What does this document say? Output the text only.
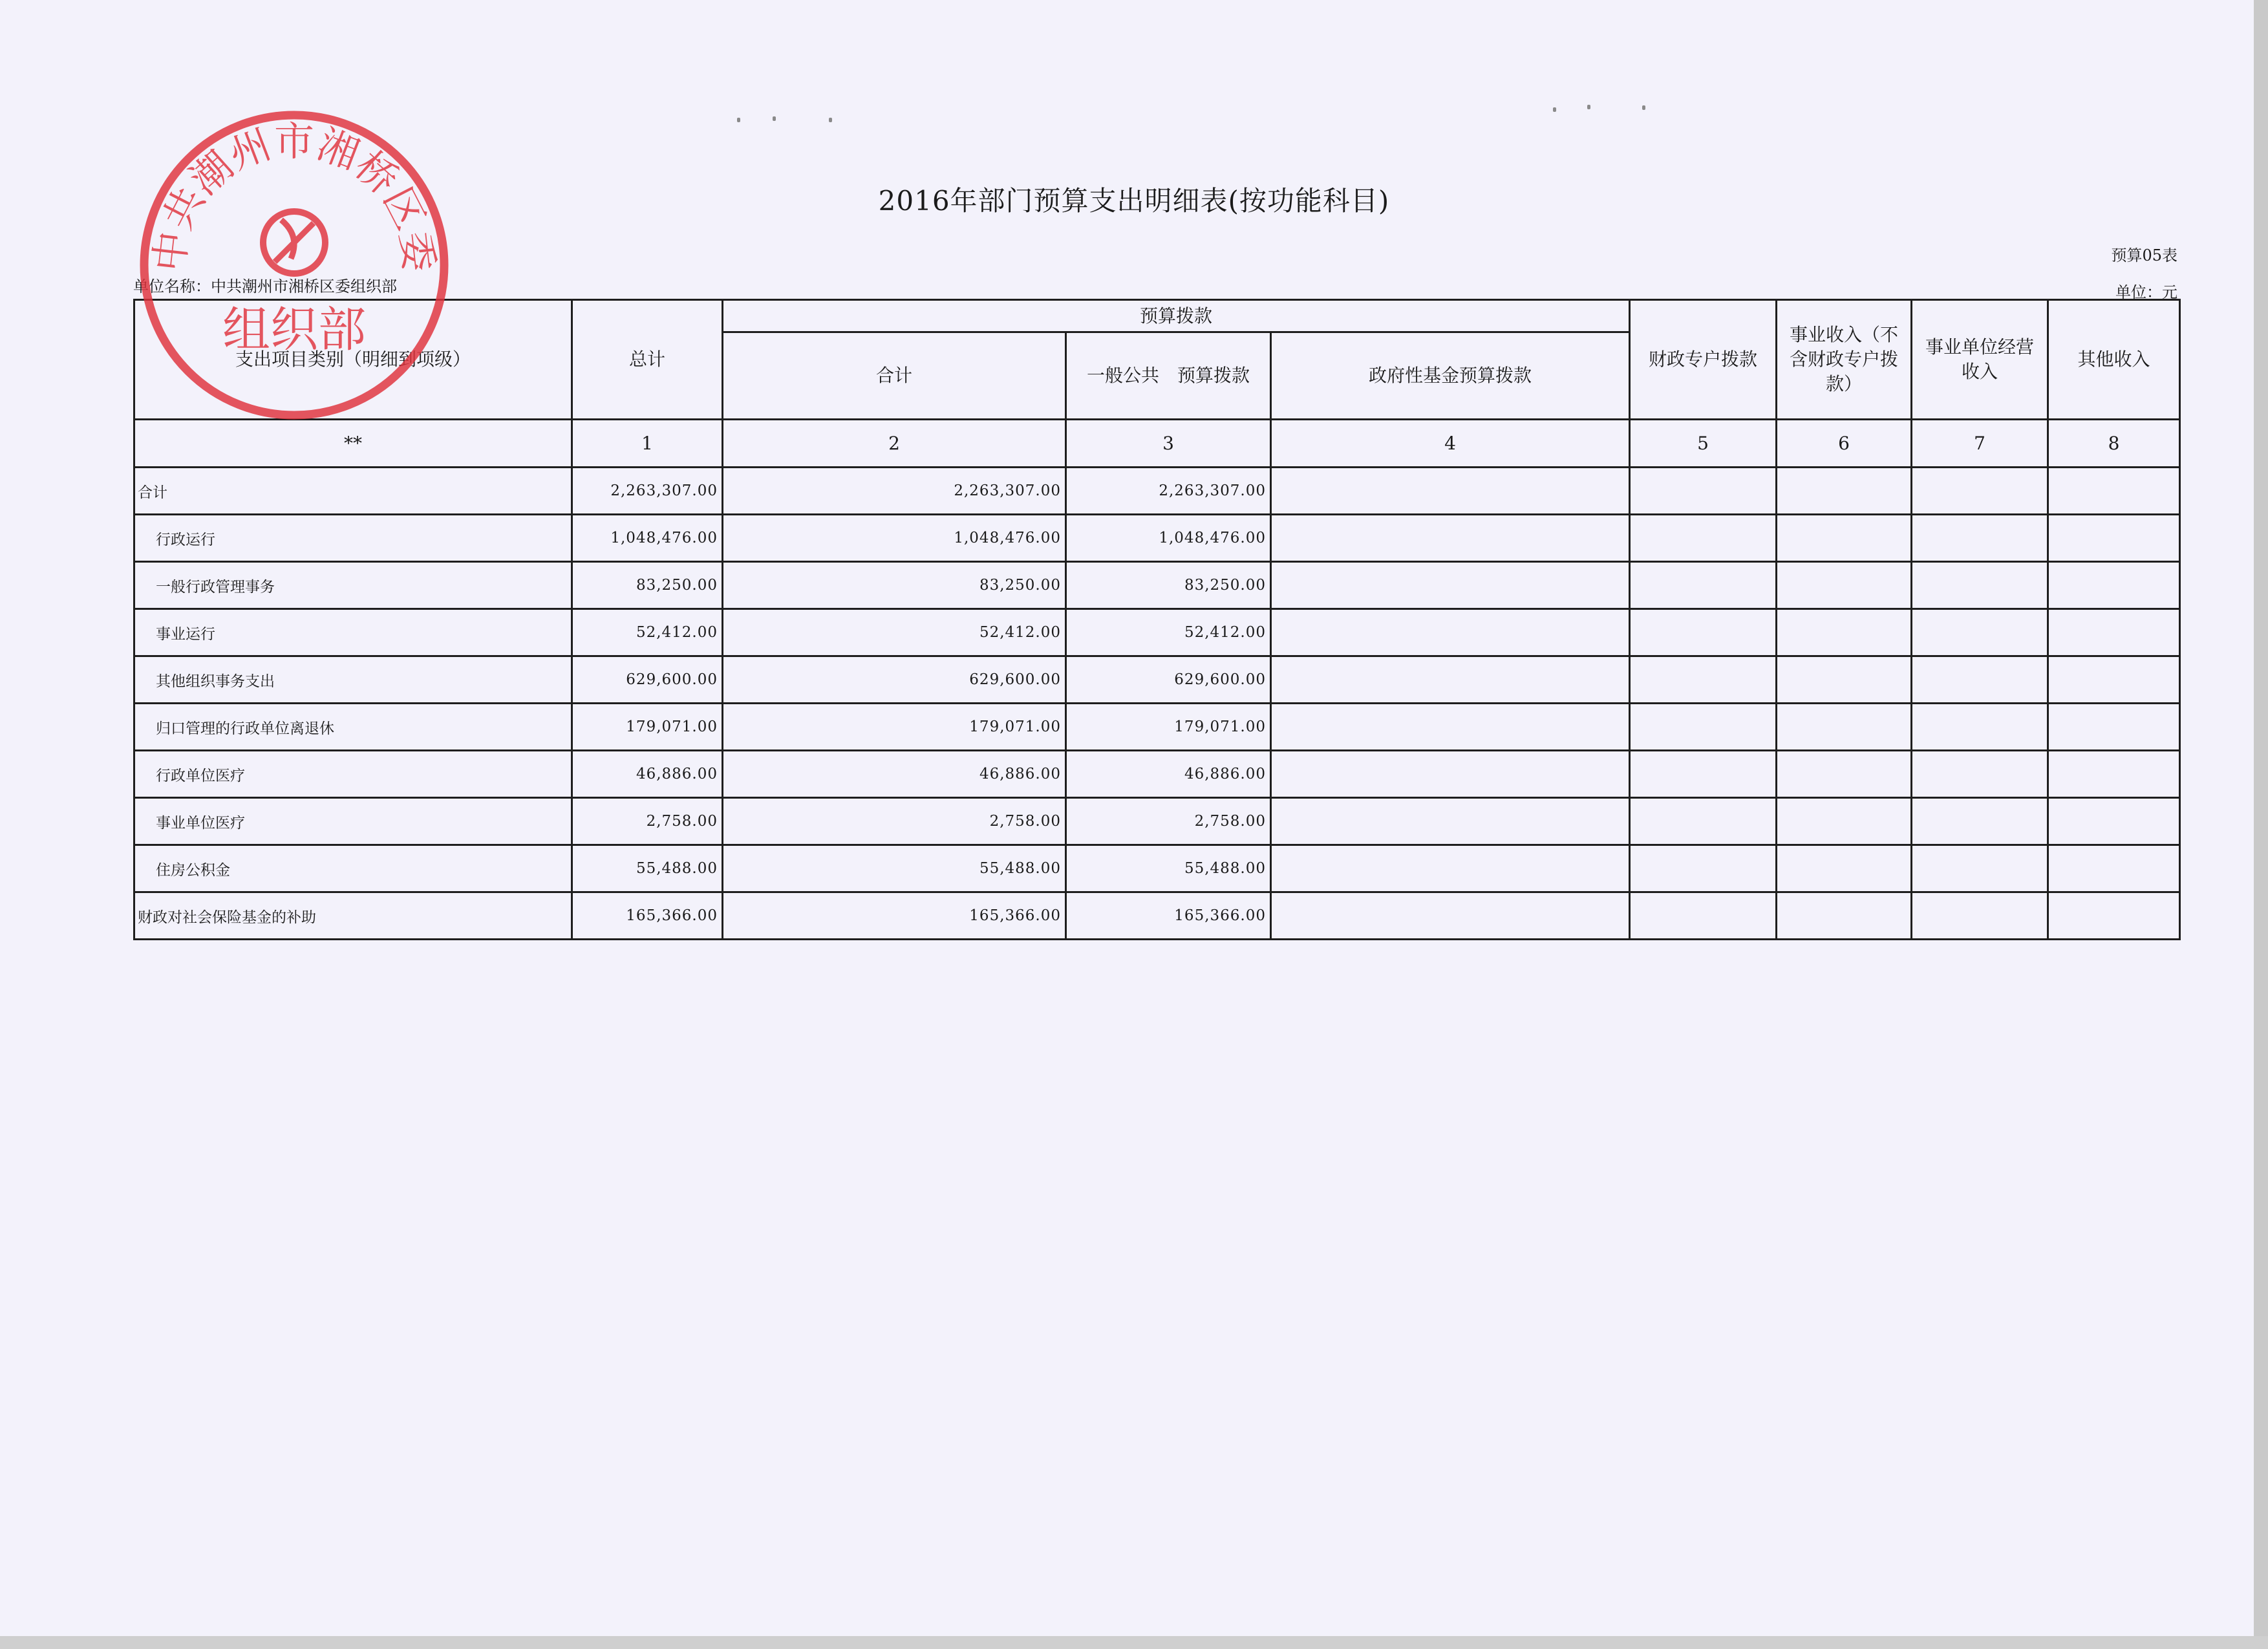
2016年部门预算支出明细表(按功能科目)
预算05表
单位名称：中共潮州市湘桥区委组织部	单位：元
支出项目类别（明细到项级）	总计	预算拨款			财政专户拨款	事业收入（不含财政专户拨款）	事业单位经营收入	其他收入
		合计	一般公共　预算拨款	政府性基金预算拨款				
**	1	2	3	4	5	6	7	8
合计	2,263,307.00	2,263,307.00	2,263,307.00					
行政运行	1,048,476.00	1,048,476.00	1,048,476.00					
一般行政管理事务	83,250.00	83,250.00	83,250.00					
事业运行	52,412.00	52,412.00	52,412.00					
其他组织事务支出	629,600.00	629,600.00	629,600.00					
归口管理的行政单位离退休	179,071.00	179,071.00	179,071.00					
行政单位医疗	46,886.00	46,886.00	46,886.00					
事业单位医疗	2,758.00	2,758.00	2,758.00					
住房公积金	55,488.00	55,488.00	55,488.00					
财政对社会保险基金的补助	165,366.00	165,366.00	165,366.00					
中共潮州市湘桥区委
组织部
